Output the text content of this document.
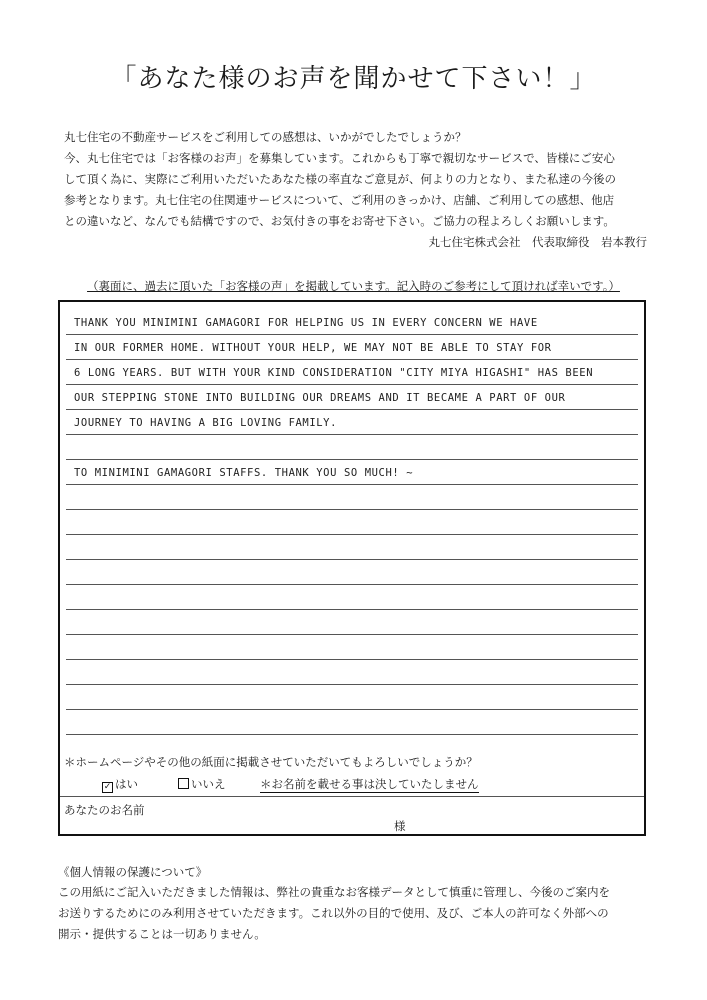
「あなた様のお声を聞かせて下さい！」
丸七住宅の不動産サービスをご利用しての感想は、いかがでしたでしょうか？
今、丸七住宅では「お客様のお声」を募集しています。これからも丁寧で親切なサービスで、皆様にご安心
して頂く為に、実際にご利用いただいたあなた様の率直なご意見が、何よりの力となり、また私達の今後の
参考となります。丸七住宅の住関連サービスについて、ご利用のきっかけ、店舗、ご利用しての感想、他店
との違いなど、なんでも結構ですので、お気付きの事をお寄せ下さい。ご協力の程よろしくお願いします。
丸七住宅株式会社　代表取締役　岩本教行
（裏面に、過去に頂いた「お客様の声」を掲載しています。記入時のご参考にして頂ければ幸いです。）
THANK YOU MINIMINI GAMAGORI FOR HELPING US IN EVERY CONCERN WE HAVE
IN OUR FORMER HOME. WITHOUT YOUR HELP, WE MAY NOT BE ABLE TO STAY FOR
6 LONG YEARS. BUT WITH YOUR KIND CONSIDERATION "CITY MIYA HIGASHI" HAS BEEN
OUR STEPPING STONE INTO BUILDING OUR DREAMS AND IT BECAME A PART OF OUR
JOURNEY TO HAVING A BIG LOVING FAMILY.
TO MINIMINI GAMAGORI STAFFS. THANK YOU SO MUCH! ~
＊ホームページやその他の紙面に掲載させていただいてもよろしいでしょうか？
✓ はい	いいえ	＊お名前を載せる事は決していたしません
あなたのお名前
様
《個人情報の保護について》
この用紙にご記入いただきました情報は、弊社の貴重なお客様データとして慎重に管理し、今後のご案内を
お送りするためにのみ利用させていただきます。これ以外の目的で使用、及び、ご本人の許可なく外部への
開示・提供することは一切ありません。
